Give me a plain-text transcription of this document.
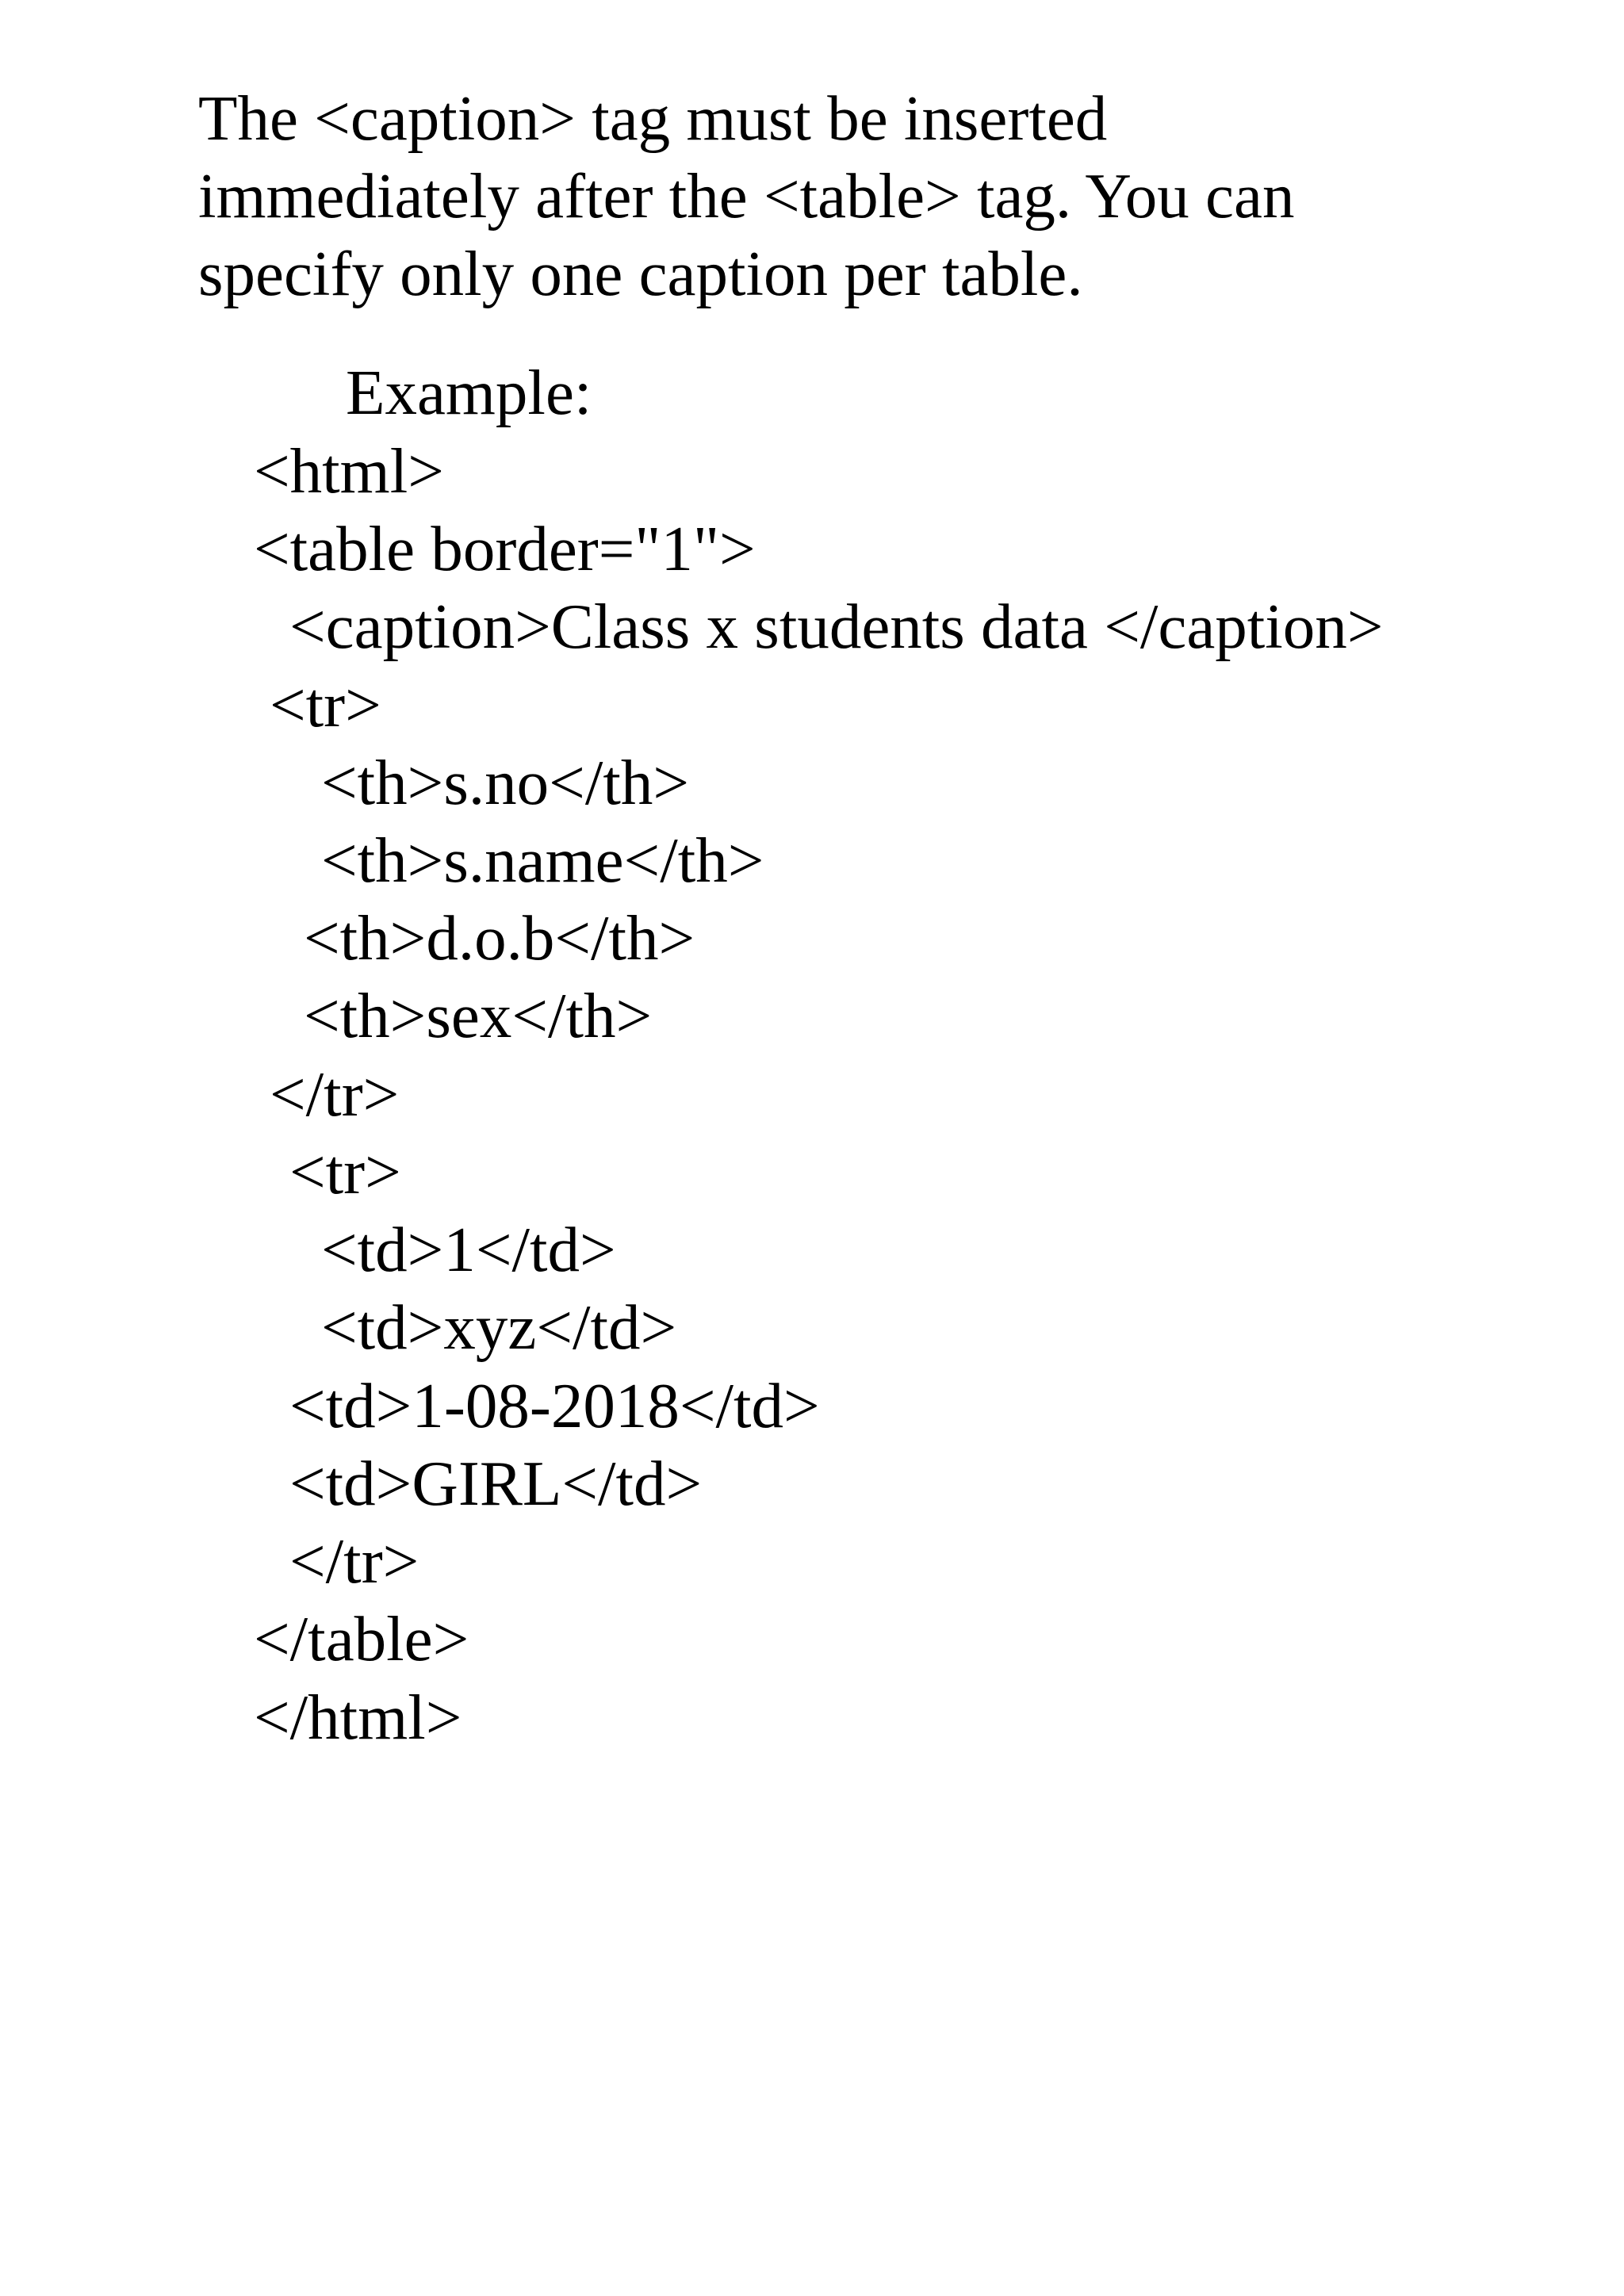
The <caption> tag must be inserted
immediately after the <table> tag. You can
specify only one caption per table.
Example:
<html>
<table border="1">
<caption>Class x students data </caption>
<tr>
<th>s.no</th>
<th>s.name</th>
<th>d.o.b</th>
<th>sex</th>
</tr>
<tr>
<td>1</td>
<td>xyz</td>
<td>1-08-2018</td>
<td>GIRL</td>
</tr>
</table>
</html>
